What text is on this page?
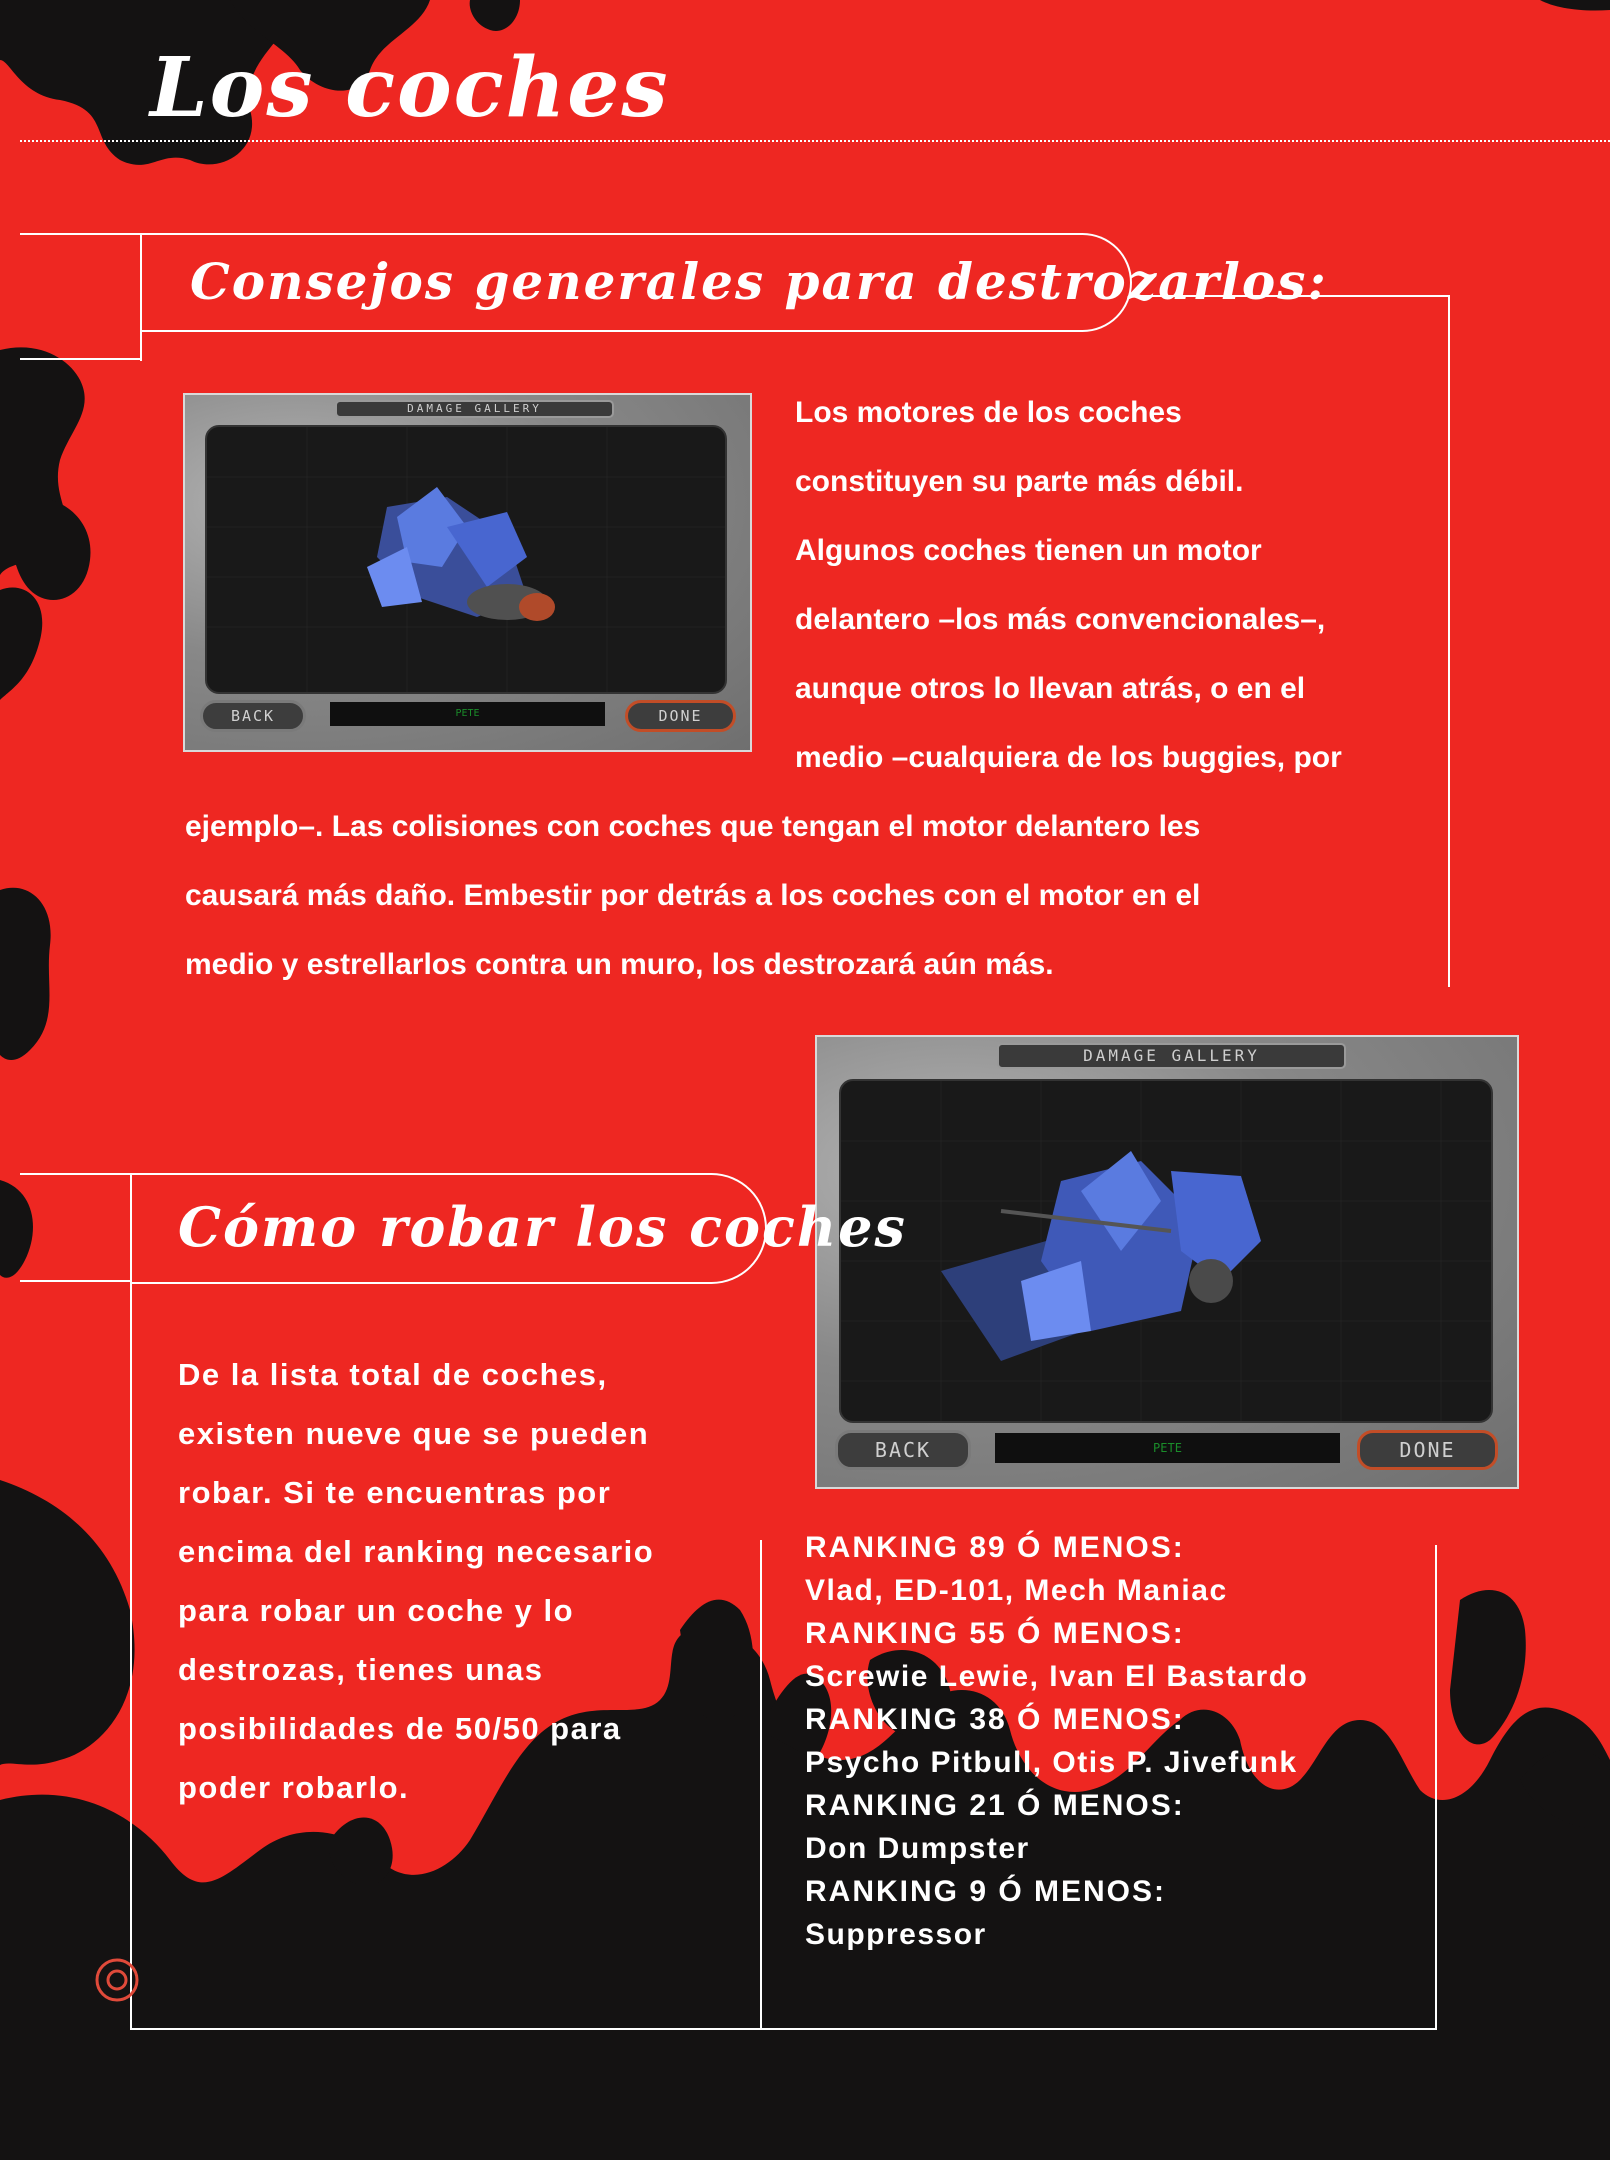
Los coches
Consejos generales para destrozarlos:
DAMAGE GALLERY
BACK	PETE	DONE

Los motores de los coches
constituyen su parte más débil.
Algunos coches tienen un motor
delantero –los más convencionales–,
aunque otros lo llevan atrás, o en el
medio –cualquiera de los buggies, por

ejemplo–. Las colisiones con coches que tengan el motor delantero les
causará más daño. Embestir por detrás a los coches con el motor en el
medio y estrellarlos contra un muro, los destrozará aún más.

DAMAGE GALLERY
BACK	PETE	DONE
Cómo robar los coches

De la lista total de coches,
existen nueve que se pueden
robar. Si te encuentras por
encima del ranking necesario
para robar un coche y lo
destrozas, tienes unas
posibilidades de 50/50 para
poder robarlo.

RANKING 89 Ó MENOS:
Vlad, ED-101, Mech Maniac
RANKING 55 Ó MENOS:
Screwie Lewie, Ivan El Bastardo
RANKING 38 Ó MENOS:
Psycho Pitbull, Otis P. Jivefunk
RANKING 21 Ó MENOS:
Don Dumpster
RANKING 9 Ó MENOS:
Suppressor
